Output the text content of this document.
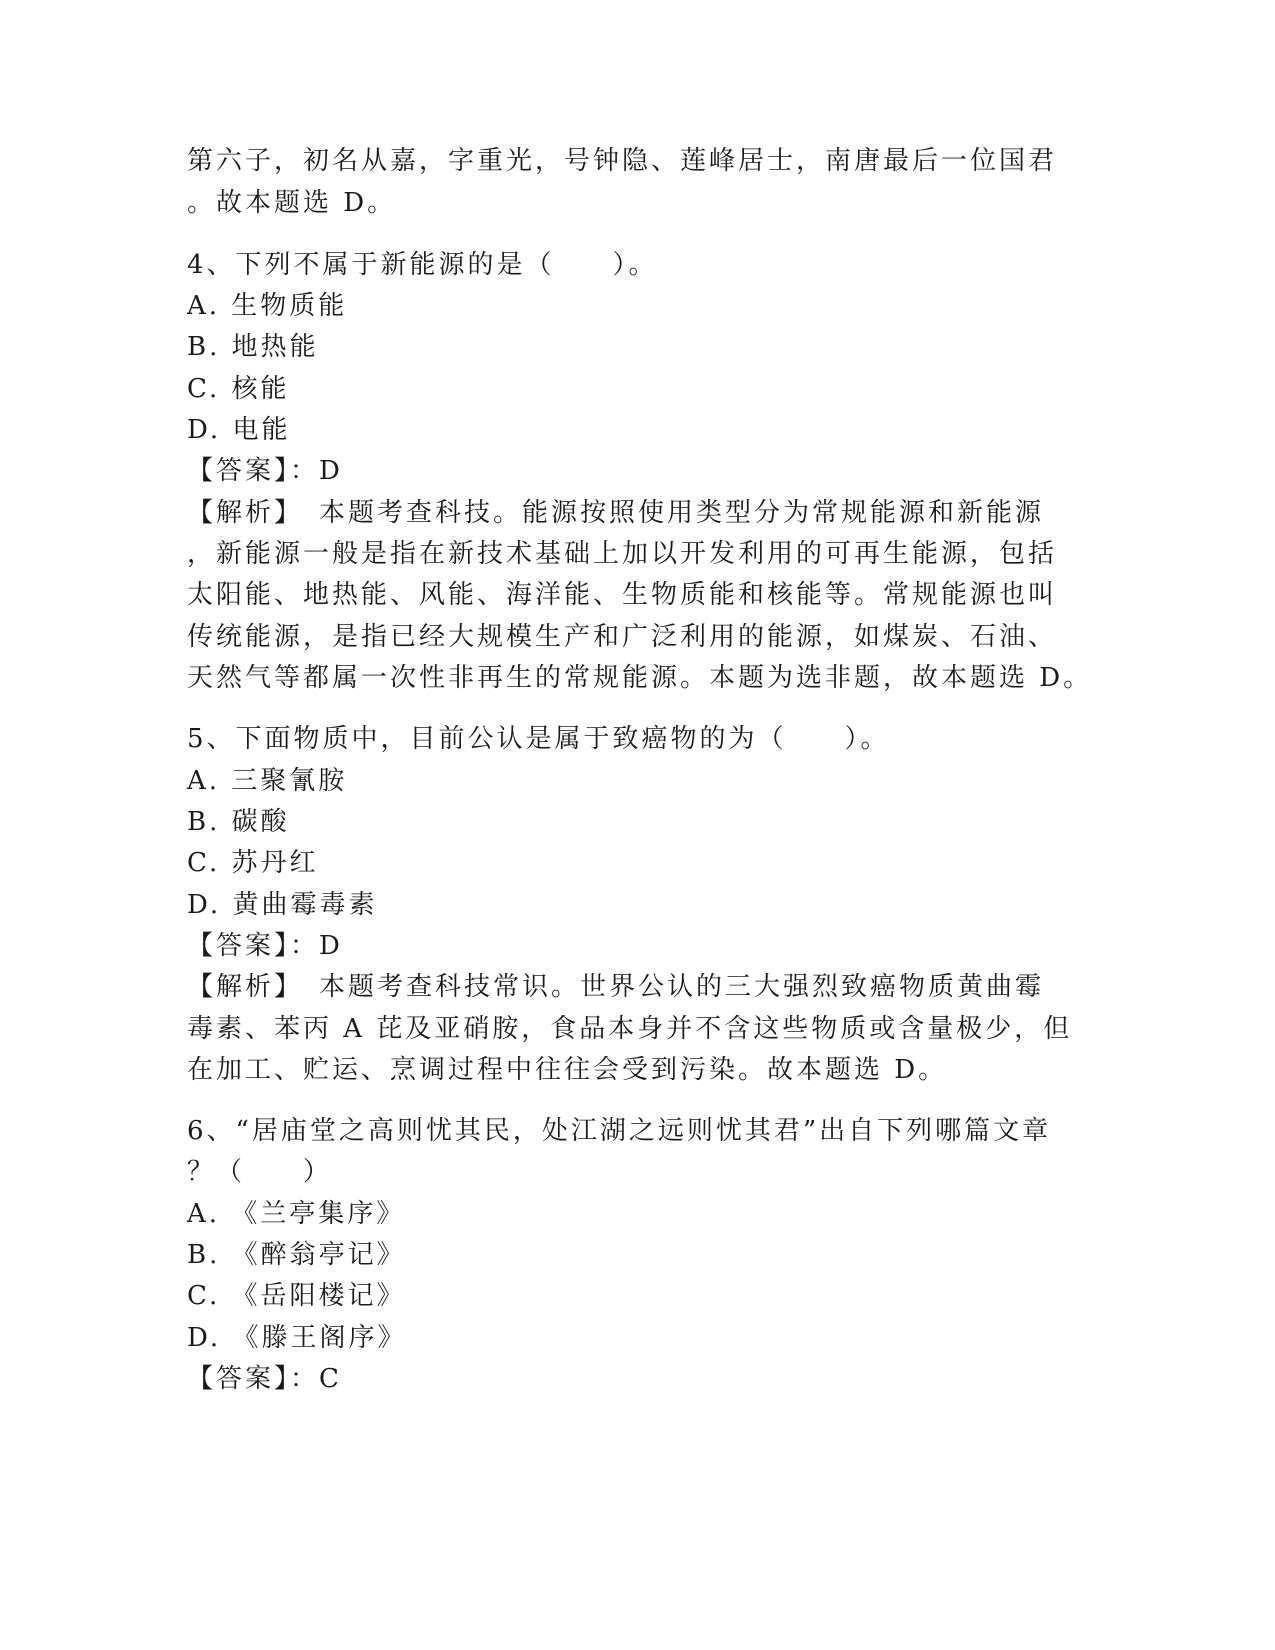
第六子，初名从嘉，字重光，号钟隐、莲峰居士，南唐最后一位国君
。故本题选 D。
4、下列不属于新能源的是（　　）。
A. 生物质能
B. 地热能
C. 核能
D. 电能
【答案】：D
【解析】　本题考查科技。能源按照使用类型分为常规能源和新能源
，新能源一般是指在新技术基础上加以开发利用的可再生能源，包括
太阳能、地热能、风能、海洋能、生物质能和核能等。常规能源也叫
传统能源，是指已经大规模生产和广泛利用的能源，如煤炭、石油、
天然气等都属一次性非再生的常规能源。本题为选非题，故本题选 D。
5、下面物质中，目前公认是属于致癌物的为（　　）。
A. 三聚氰胺
B. 碳酸
C. 苏丹红
D. 黄曲霉毒素
【答案】：D
【解析】　本题考查科技常识。世界公认的三大强烈致癌物质黄曲霉
毒素、苯丙 A 芘及亚硝胺，食品本身并不含这些物质或含量极少，但
在加工、贮运、烹调过程中往往会受到污染。故本题选 D。
6、“居庙堂之高则忧其民，处江湖之远则忧其君”出自下列哪篇文章
？（　　）
A. 《兰亭集序》
B. 《醉翁亭记》
C. 《岳阳楼记》
D. 《滕王阁序》
【答案】：C
